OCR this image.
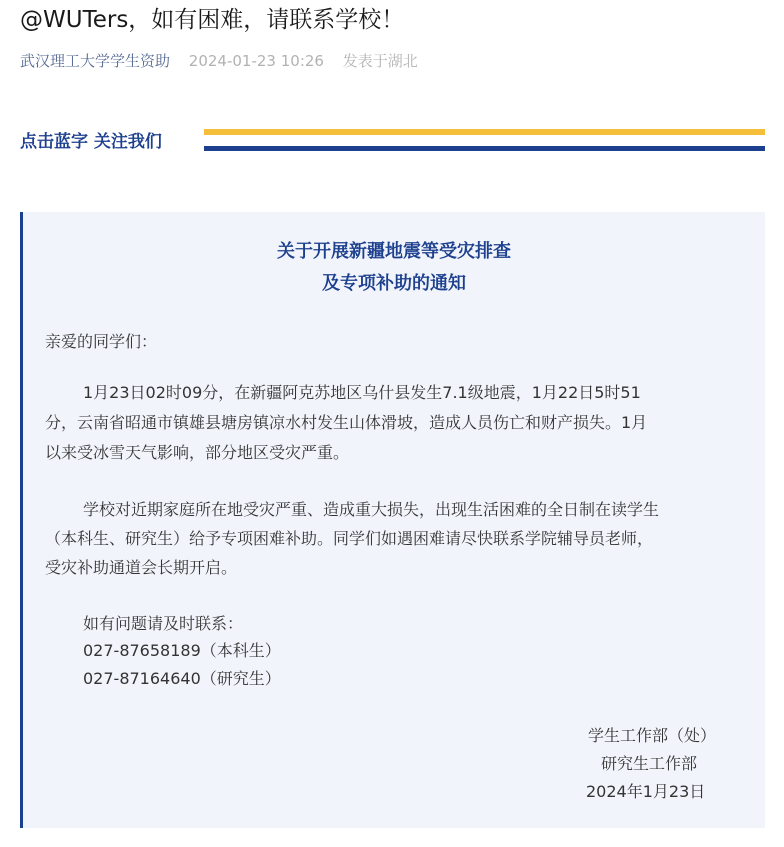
@WUTers，如有困难，请联系学校！
武汉理工大学学生资助 2024-01-23 10:26 发表于湖北
点击蓝字 关注我们
关于开展新疆地震等受灾排查
及专项补助的通知
亲爱的同学们：
1月23日02时09分，在新疆阿克苏地区乌什县发生7.1级地震，1月22日5时51
分，云南省昭通市镇雄县塘房镇凉水村发生山体滑坡，造成人员伤亡和财产损失。1月
以来受冰雪天气影响，部分地区受灾严重。
学校对近期家庭所在地受灾严重、造成重大损失，出现生活困难的全日制在读学生
（本科生、研究生）给予专项困难补助。同学们如遇困难请尽快联系学院辅导员老师，
受灾补助通道会长期开启。
如有问题请及时联系：
027-87658189（本科生）
027-87164640（研究生）
学生工作部（处）
研究生工作部
2024年1月23日
